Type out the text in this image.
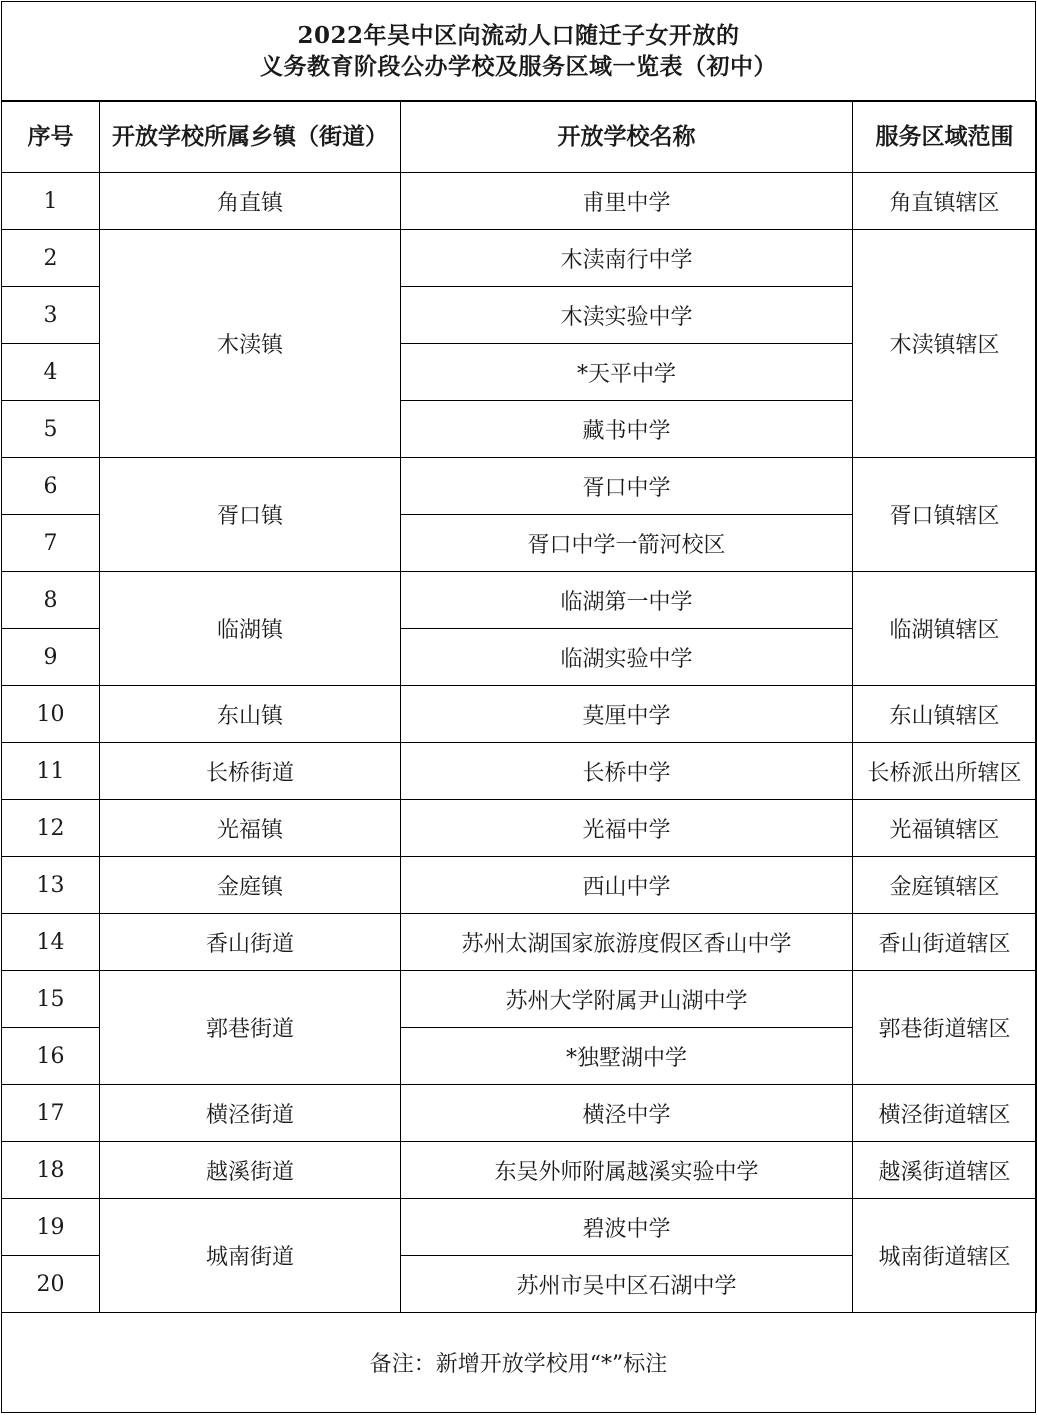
2022年吴中区向流动人口随迁子女开放的
义务教育阶段公办学校及服务区域一览表（初中）
序号	开放学校所属乡镇（街道）	开放学校名称	服务区域范围
1	角直镇	甫里中学	角直镇辖区
2	木渎镇	木渎南行中学	木渎镇辖区
3		木渎实验中学	
4		*天平中学	
5		藏书中学	
6	胥口镇	胥口中学	胥口镇辖区
7		胥口中学一箭河校区	
8	临湖镇	临湖第一中学	临湖镇辖区
9		临湖实验中学	
10	东山镇	莫厘中学	东山镇辖区
11	长桥街道	长桥中学	长桥派出所辖区
12	光福镇	光福中学	光福镇辖区
13	金庭镇	西山中学	金庭镇辖区
14	香山街道	苏州太湖国家旅游度假区香山中学	香山街道辖区
15	郭巷街道	苏州大学附属尹山湖中学	郭巷街道辖区
16		*独墅湖中学	
17	横泾街道	横泾中学	横泾街道辖区
18	越溪街道	东吴外师附属越溪实验中学	越溪街道辖区
19	城南街道	碧波中学	城南街道辖区
20		苏州市吴中区石湖中学	
备注：新增开放学校用“*”标注
